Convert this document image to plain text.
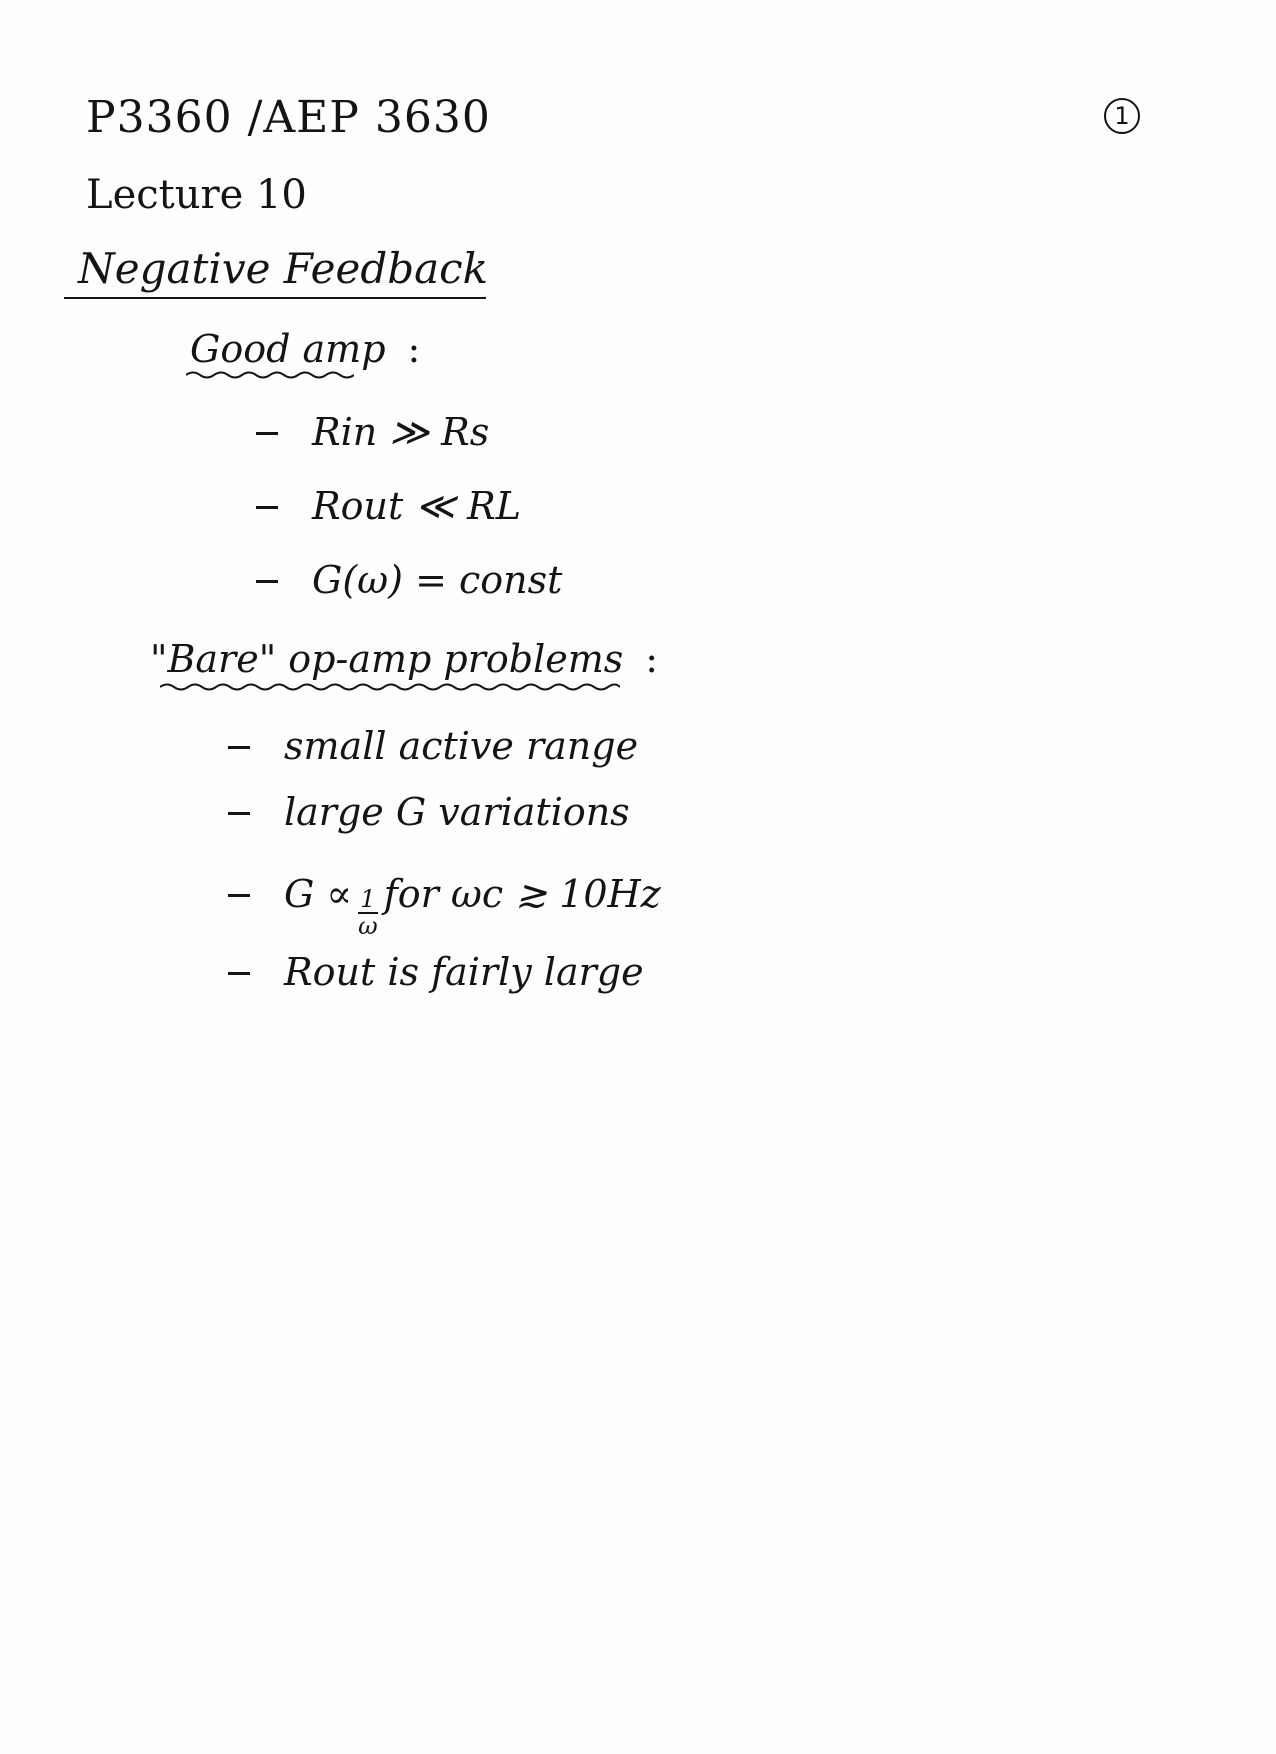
P3360 /AEP 3630
Lecture 10
1
Negative Feedback
Good amp :
Rin ≫ Rs
Rout ≪ RL
G(ω) = const
"Bare" op-amp problems :
small active range
large G variations
$G \propto \frac{1}{\omega}$ for ωc ≳ 10Hz
Rout is fairly large
